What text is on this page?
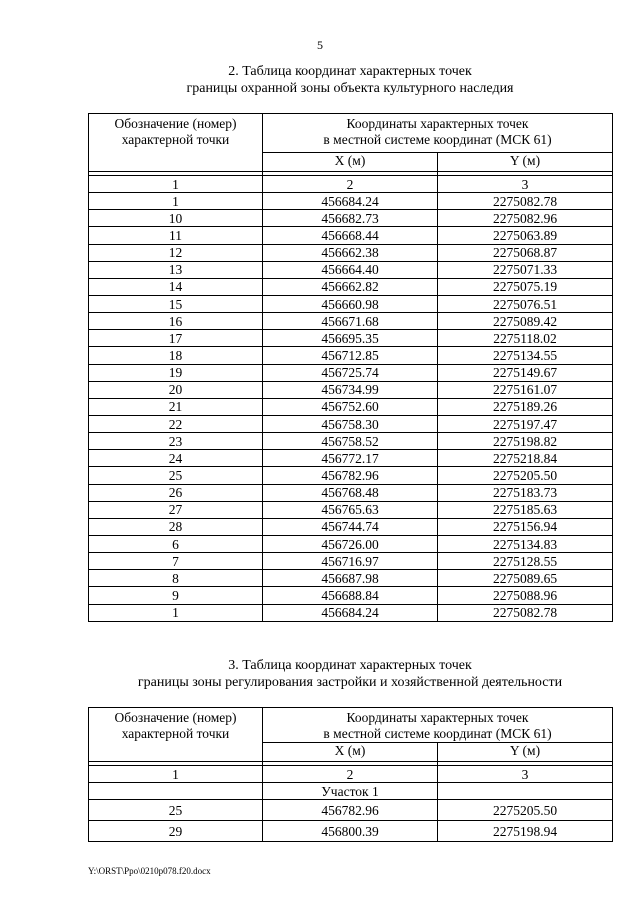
5
2. Таблица координат характерных точек
границы охранной зоны объекта культурного наследия
Обозначение (номер)
характерной точки	Координаты характерных точек
в местной системе координат (МСК 61)	

	X (м)	Y (м)

1	2	3
1	456684.24	2275082.78
10	456682.73	2275082.96
11	456668.44	2275063.89
12	456662.38	2275068.87
13	456664.40	2275071.33
14	456662.82	2275075.19
15	456660.98	2275076.51
16	456671.68	2275089.42
17	456695.35	2275118.02
18	456712.85	2275134.55
19	456725.74	2275149.67
20	456734.99	2275161.07
21	456752.60	2275189.26
22	456758.30	2275197.47
23	456758.52	2275198.82
24	456772.17	2275218.84
25	456782.96	2275205.50
26	456768.48	2275183.73
27	456765.63	2275185.63
28	456744.74	2275156.94
6	456726.00	2275134.83
7	456716.97	2275128.55
8	456687.98	2275089.65
9	456688.84	2275088.96
1	456684.24	2275082.78
3. Таблица координат характерных точек
границы зоны регулирования застройки и хозяйственной деятельности
Обозначение (номер)
характерной точки	Координаты характерных точек
в местной системе координат (МСК 61)	

	X (м)	Y (м)

1	2	3
	Участок 1	
25	456782.96	2275205.50
29	456800.39	2275198.94
Y:\ORST\Ppo\0210p078.f20.docx
